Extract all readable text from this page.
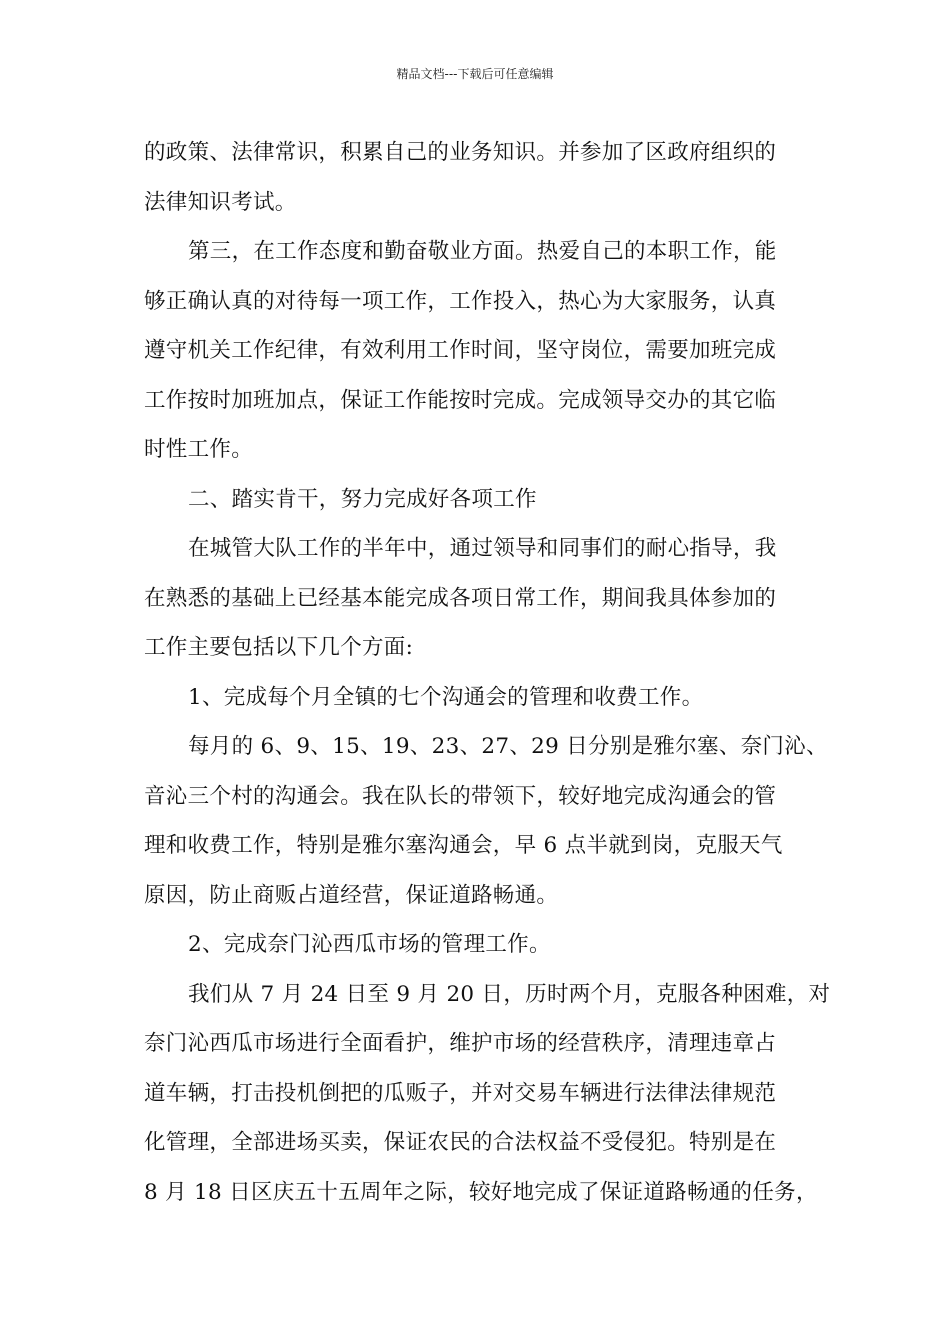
精品文档---下载后可任意编辑
的政策、法律常识，积累自己的业务知识。并参加了区政府组织的
法律知识考试。
第三，在工作态度和勤奋敬业方面。热爱自己的本职工作，能
够正确认真的对待每一项工作，工作投入，热心为大家服务，认真
遵守机关工作纪律，有效利用工作时间，坚守岗位，需要加班完成
工作按时加班加点，保证工作能按时完成。完成领导交办的其它临
时性工作。
二、踏实肯干，努力完成好各项工作
在城管大队工作的半年中，通过领导和同事们的耐心指导，我
在熟悉的基础上已经基本能完成各项日常工作，期间我具体参加的
工作主要包括以下几个方面:
1、完成每个月全镇的七个沟通会的管理和收费工作。
每月的 6、9、15、19、23、27、29 日分别是雅尔塞、奈门沁、
音沁三个村的沟通会。我在队长的带领下，较好地完成沟通会的管
理和收费工作，特别是雅尔塞沟通会，早 6 点半就到岗，克服天气
原因，防止商贩占道经营，保证道路畅通。
2、完成奈门沁西瓜市场的管理工作。
我们从 7 月 24 日至 9 月 20 日，历时两个月，克服各种困难，对
奈门沁西瓜市场进行全面看护，维护市场的经营秩序，清理违章占
道车辆，打击投机倒把的瓜贩子，并对交易车辆进行法律法律规范
化管理，全部进场买卖，保证农民的合法权益不受侵犯。特别是在
8 月 18 日区庆五十五周年之际，较好地完成了保证道路畅通的任务，
